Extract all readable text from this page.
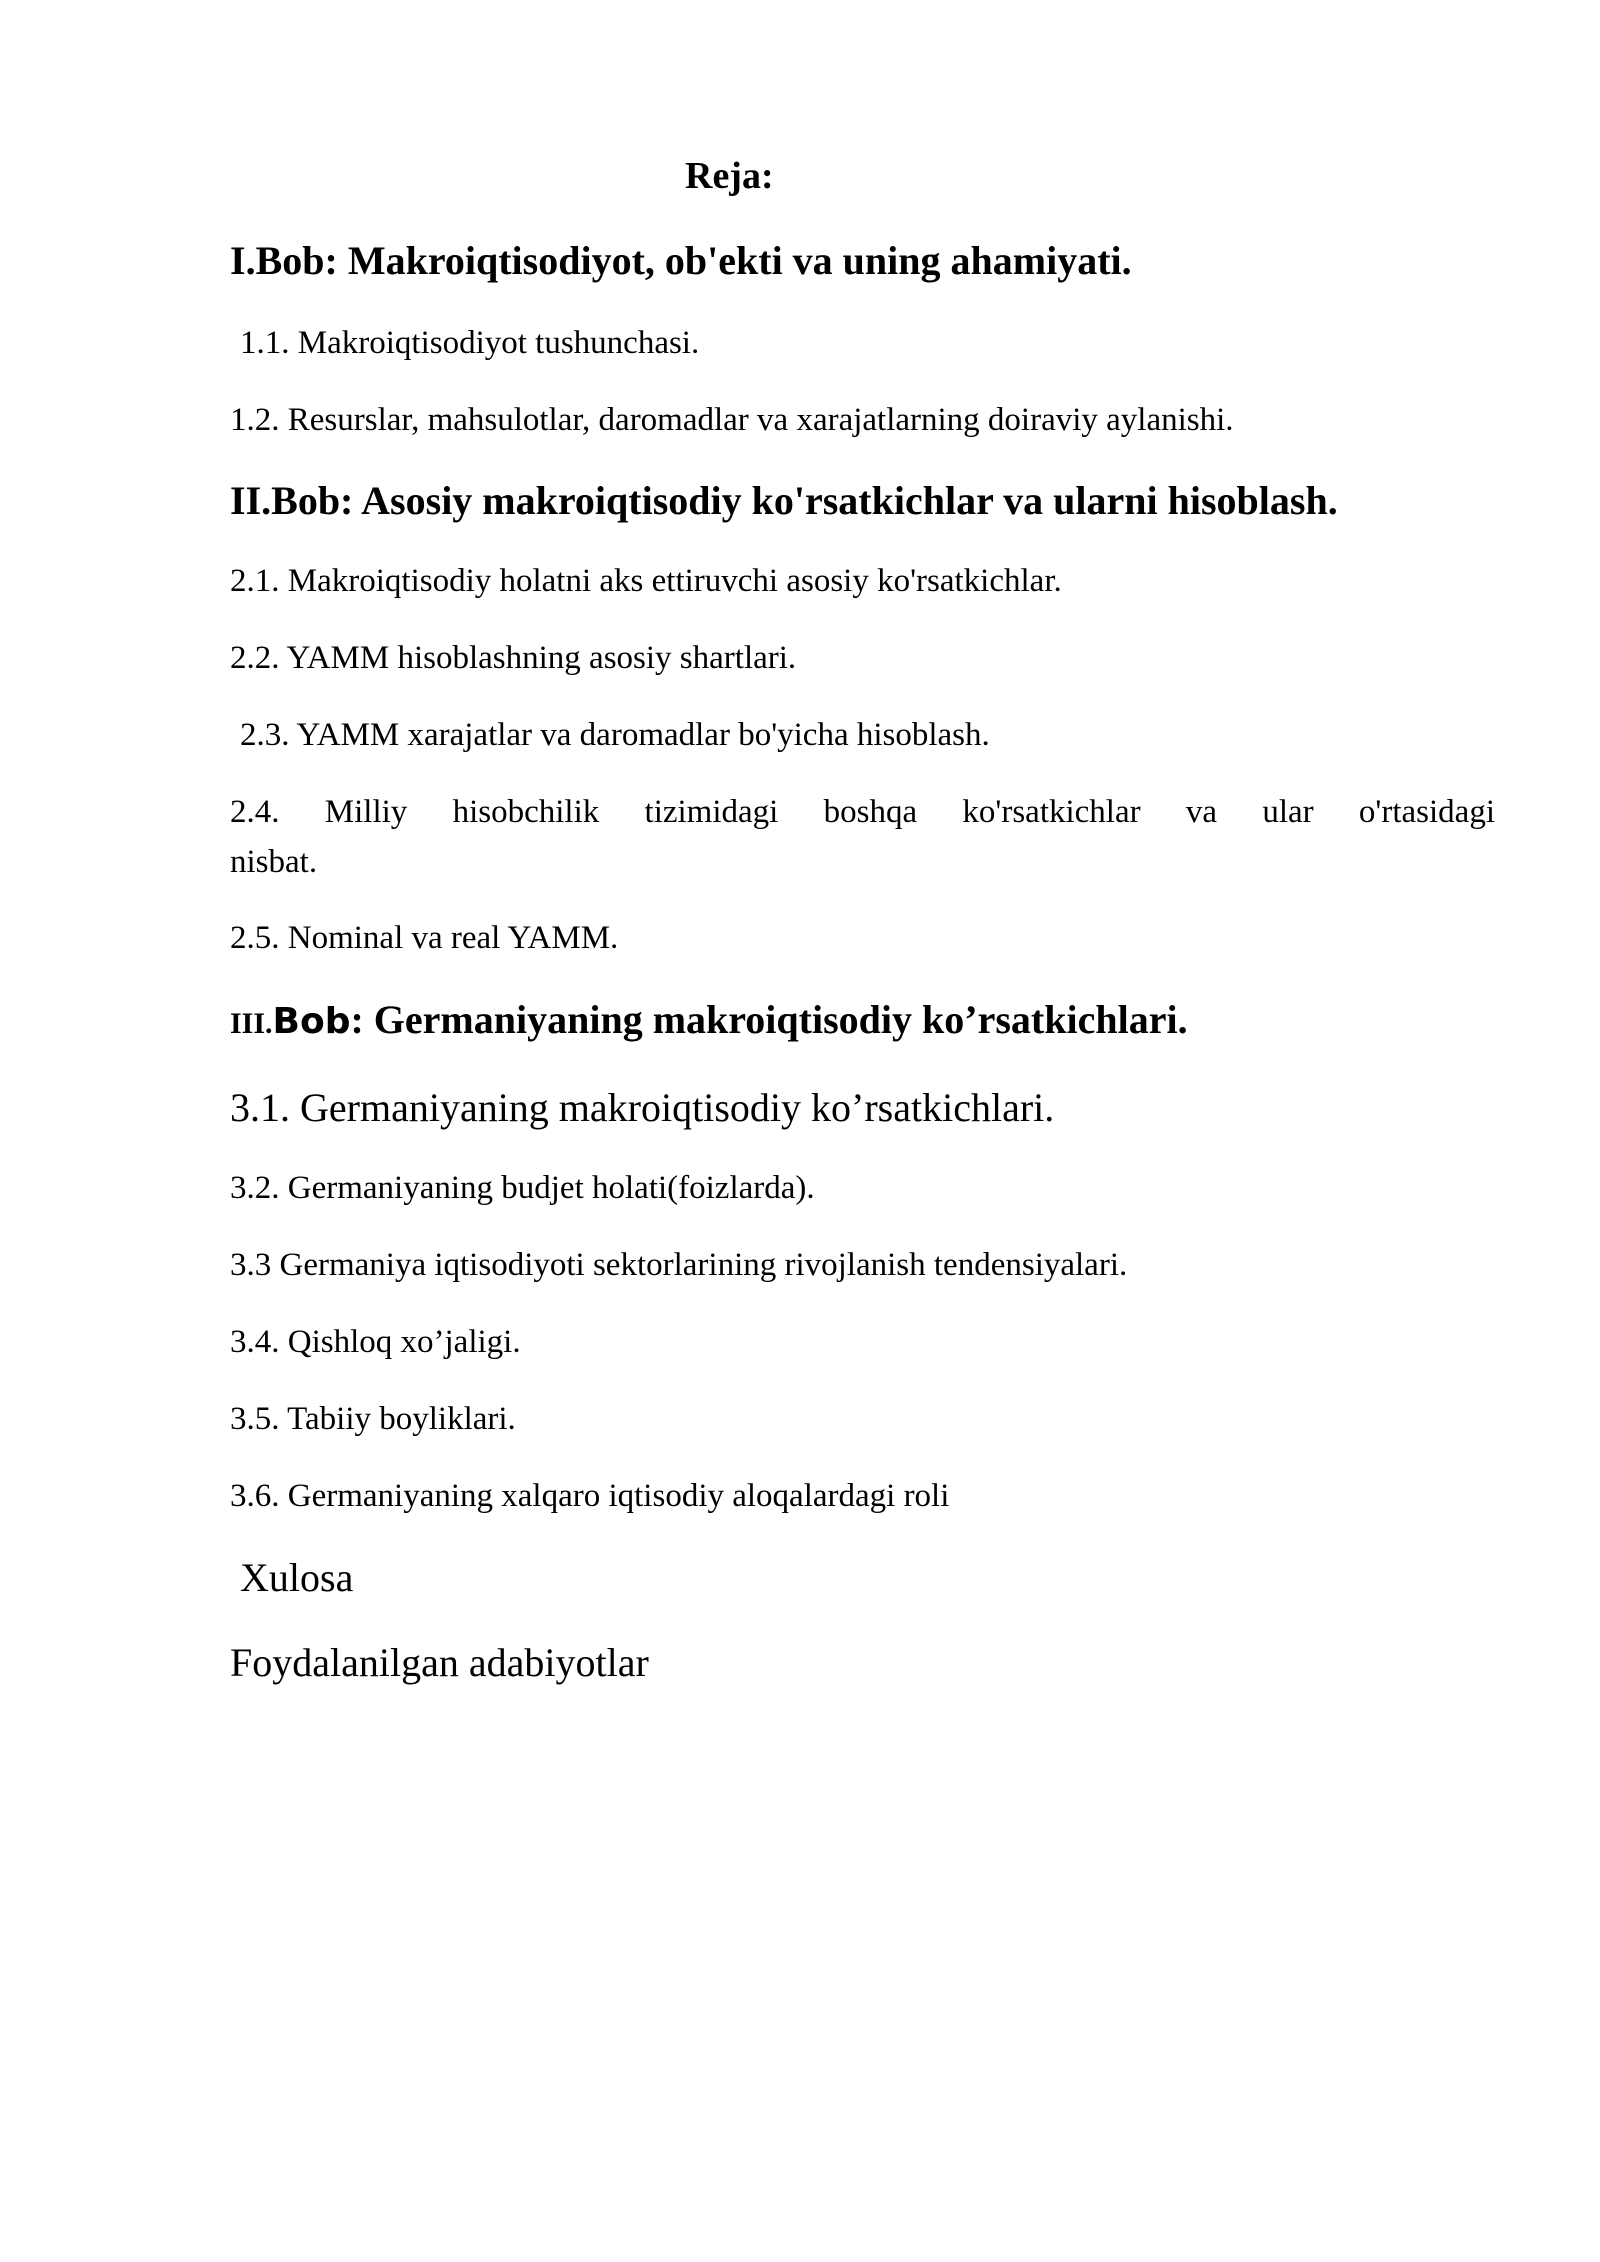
Reja:
I.Bob: Makroiqtisodiyot, ob'ekti va uning ahamiyati.
1.1. Makroiqtisodiyot tushunchasi.
1.2. Resurslar, mahsulotlar, daromadlar va xarajatlarning doiraviy aylanishi.
II.Bob: Asosiy makroiqtisodiy ko'rsatkichlar va ularni hisoblash.
2.1. Makroiqtisodiy holatni aks ettiruvchi asosiy ko'rsatkichlar.
2.2. YAMM hisoblashning asosiy shartlari.
2.3. YAMM xarajatlar va daromadlar bo'yicha hisoblash.
2.4. Milliy hisobchilik tizimidagi boshqa ko'rsatkichlar va ular o'rtasidagi
nisbat.
2.5. Nominal va real YAMM.
III.Bob: Germaniyaning makroiqtisodiy ko’rsatkichlari.
3.1. Germaniyaning makroiqtisodiy ko’rsatkichlari.
3.2. Germaniyaning budjet holati(foizlarda).
3.3 Germaniya iqtisodiyoti sektorlarining rivojlanish tendensiyalari.
3.4. Qishloq xo’jaligi.
3.5. Tabiiy boyliklari.
3.6. Germaniyaning xalqaro iqtisodiy aloqalardagi roli
Xulosa
Foydalanilgan adabiyotlar
